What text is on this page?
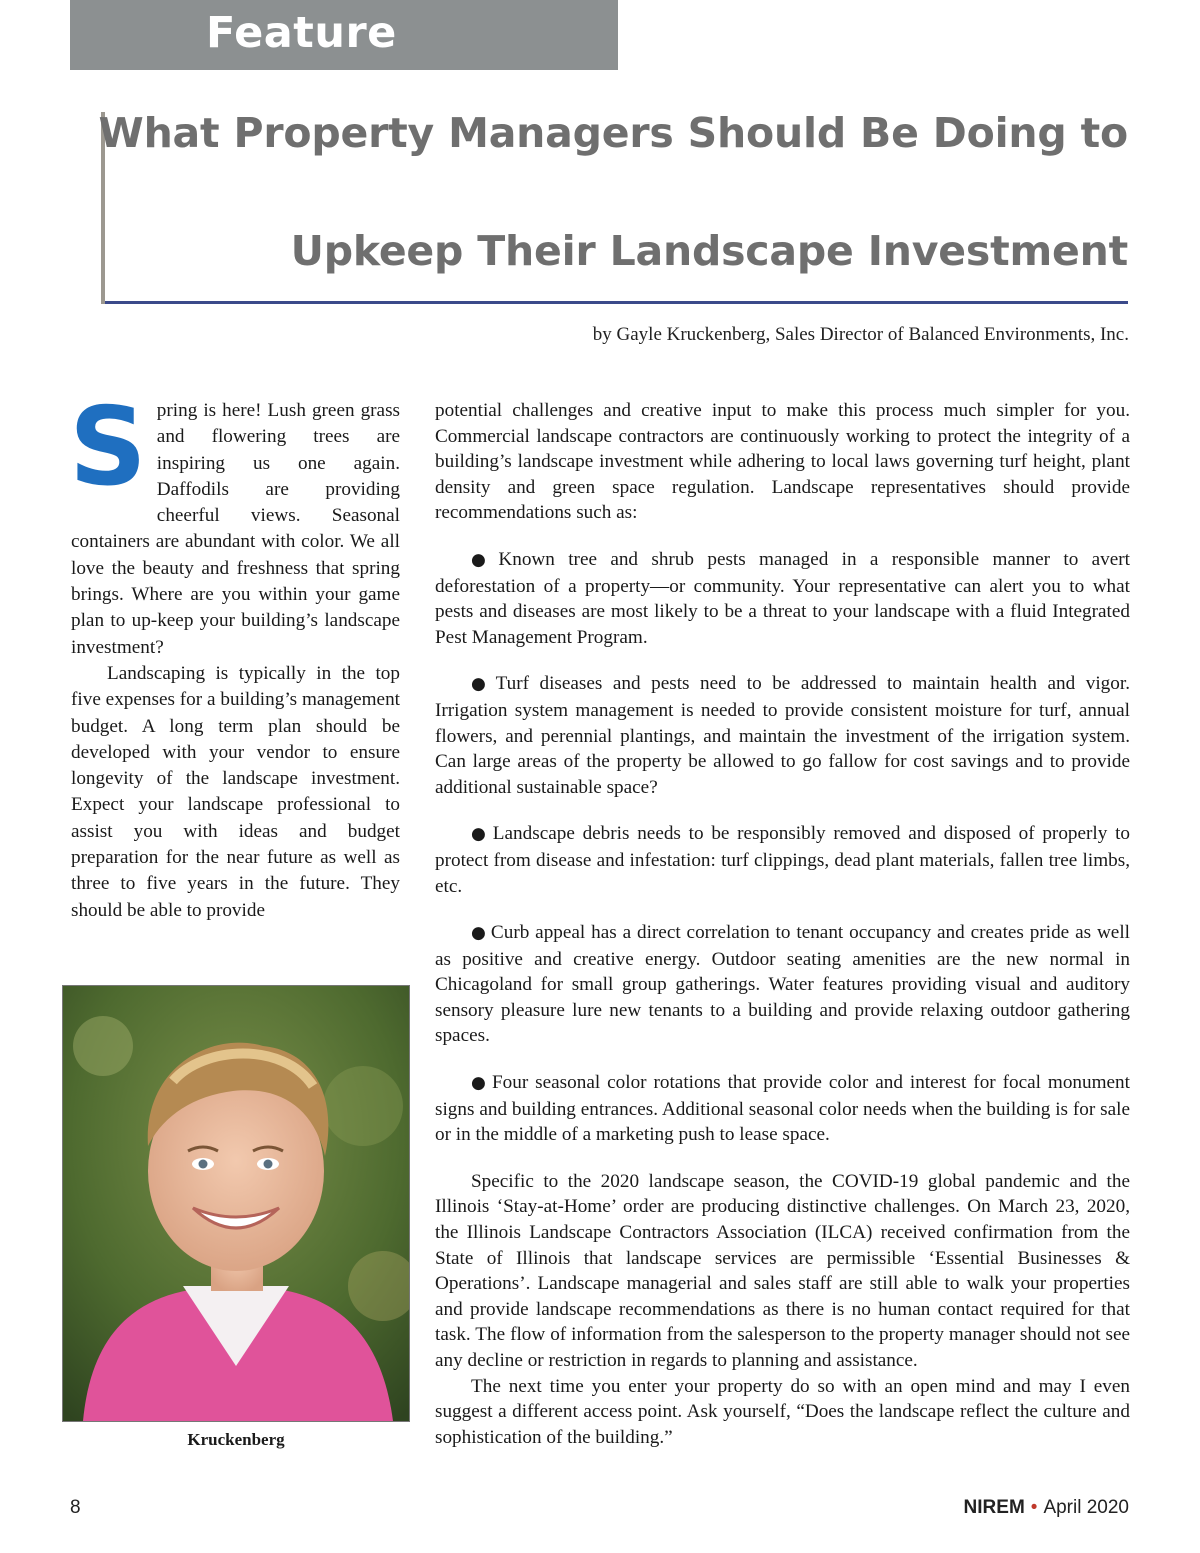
Feature
What Property Managers Should Be Doing to
Upkeep Their Landscape Investment
by Gayle Kruckenberg, Sales Director of Balanced Environments, Inc.

Spring is here! Lush green grass and flowering trees are inspiring us one again. Daffodils are providing cheerful views. Seasonal containers are abundant with color. We all love the beauty and freshness that spring brings. Where are you within your game plan to up-keep your building’s landscape investment?

Landscaping is typically in the top five expenses for a building’s management budget. A long term plan should be developed with your vendor to ensure longevity of the landscape investment. Expect your landscape professional to assist you with ideas and budget preparation for the near future as well as three to five years in the future. They should be able to provide

Kruckenberg

potential challenges and creative input to make this process much simpler for you. Commercial landscape contractors are continuously working to protect the integrity of a building’s landscape investment while adhering to local laws governing turf height, plant density and green space regulation. Landscape representatives should provide recommendations such as:

● Known tree and shrub pests managed in a responsible manner to avert deforestation of a property—or community. Your representative can alert you to what pests and diseases are most likely to be a threat to your landscape with a fluid Integrated Pest Management Program.

● Turf diseases and pests need to be addressed to maintain health and vigor. Irrigation system management is needed to provide consistent moisture for turf, annual flowers, and perennial plantings, and maintain the investment of the irrigation system. Can large areas of the property be allowed to go fallow for cost savings and to provide additional sustainable space?

● Landscape debris needs to be responsibly removed and disposed of properly to protect from disease and infestation: turf clippings, dead plant materials, fallen tree limbs, etc.

● Curb appeal has a direct correlation to tenant occupancy and creates pride as well as positive and creative energy. Outdoor seating amenities are the new normal in Chicagoland for small group gatherings. Water features providing visual and auditory sensory pleasure lure new tenants to a building and provide relaxing outdoor gathering spaces.

● Four seasonal color rotations that provide color and interest for focal monument signs and building entrances. Additional seasonal color needs when the building is for sale or in the middle of a marketing push to lease space.

Specific to the 2020 landscape season, the COVID-19 global pandemic and the Illinois ‘Stay-at-Home’ order are producing distinctive challenges. On March 23, 2020, the Illinois Landscape Contractors Association (ILCA) received confirmation from the State of Illinois that landscape services are permissible ‘Essential Businesses & Operations’. Landscape managerial and sales staff are still able to walk your properties and provide landscape recommendations as there is no human contact required for that task. The flow of information from the salesperson to the property manager should not see any decline or restriction in regards to planning and assistance.

The next time you enter your property do so with an open mind and may I even suggest a different access point. Ask yourself, “Does the landscape reflect the culture and sophistication of the building.”

8	NIREM • April 2020
